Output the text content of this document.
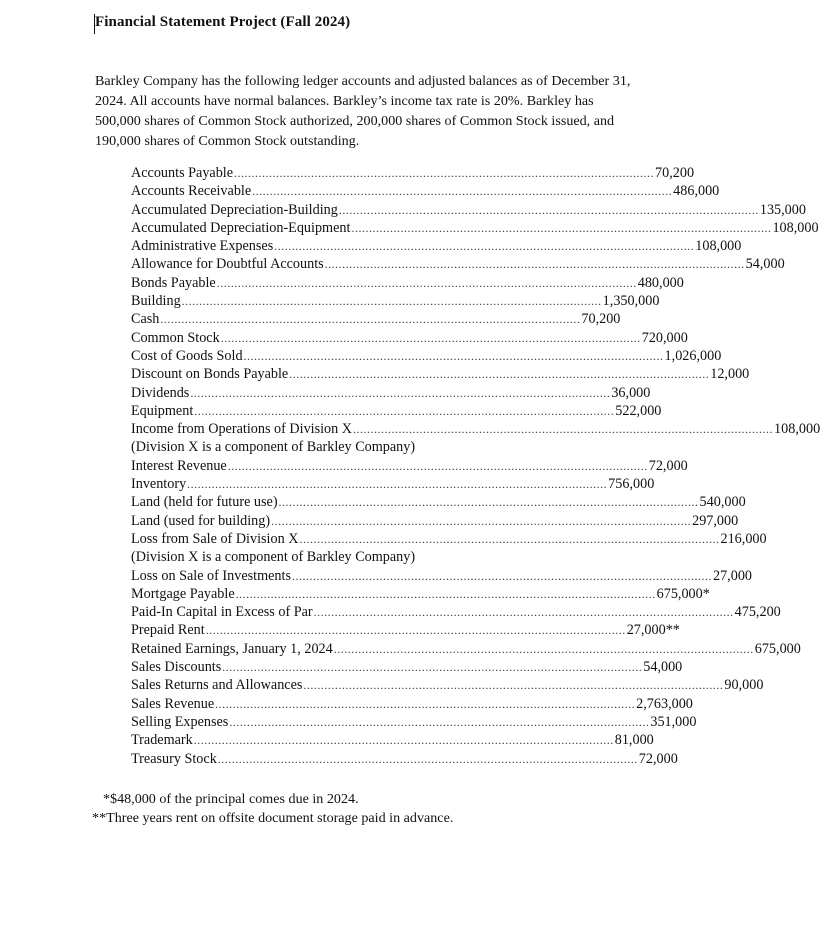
Financial Statement Project (Fall 2024)

Barkley Company has the following ledger accounts and adjusted balances as of December 31,

2024. All accounts have normal balances. Barkley’s income tax rate is 20%. Barkley has

500,000 shares of Common Stock authorized, 200,000 shares of Common Stock issued, and

190,000 shares of Common Stock outstanding.

Accounts Payable ........................................................................................................................ 70,200
Accounts Receivable ........................................................................................................................ 486,000
Accumulated Depreciation-Building ........................................................................................................................ 135,000
Accumulated Depreciation-Equipment ........................................................................................................................ 108,000
Administrative Expenses ........................................................................................................................ 108,000
Allowance for Doubtful Accounts ........................................................................................................................ 54,000
Bonds Payable ........................................................................................................................ 480,000
Building ........................................................................................................................ 1,350,000
Cash ........................................................................................................................ 70,200
Common Stock ........................................................................................................................ 720,000
Cost of Goods Sold ........................................................................................................................ 1,026,000
Discount on Bonds Payable ........................................................................................................................ 12,000
Dividends ........................................................................................................................ 36,000
Equipment ........................................................................................................................ 522,000
Income from Operations of Division X ........................................................................................................................ 108,000
(Division X is a component of Barkley Company)
Interest Revenue ........................................................................................................................ 72,000
Inventory ........................................................................................................................ 756,000
Land (held for future use) ........................................................................................................................ 540,000
Land (used for building) ........................................................................................................................ 297,000
Loss from Sale of Division X ........................................................................................................................ 216,000
(Division X is a component of Barkley Company)
Loss on Sale of Investments ........................................................................................................................ 27,000
Mortgage Payable ........................................................................................................................ 675,000*
Paid-In Capital in Excess of Par ........................................................................................................................ 475,200
Prepaid Rent ........................................................................................................................ 27,000**
Retained Earnings, January 1, 2024 ........................................................................................................................ 675,000
Sales Discounts ........................................................................................................................ 54,000
Sales Returns and Allowances ........................................................................................................................ 90,000
Sales Revenue ........................................................................................................................ 2,763,000
Selling Expenses ........................................................................................................................ 351,000
Trademark ........................................................................................................................ 81,000
Treasury Stock ........................................................................................................................ 72,000

*$48,000 of the principal comes due in 2024.

**Three years rent on offsite document storage paid in advance.
